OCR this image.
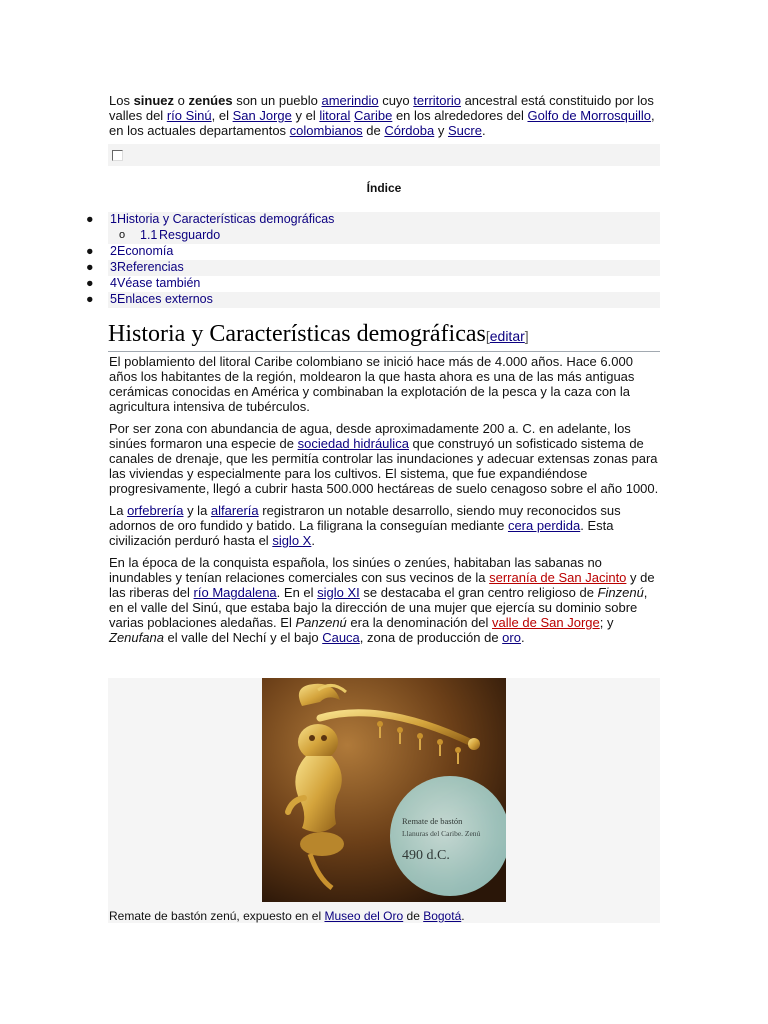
Los sinuez o zenúes son un pueblo amerindio cuyo territorio ancestral está constituido por los valles del río Sinú, el San Jorge y el litoral Caribe en los alrededores del Golfo de Morrosquillo, en los actuales departamentos colombianos de Córdoba y Sucre.

Índice
● 1 Historia y Características demográficas
o 1.1 Resguardo
● 2 Economía
● 3 Referencias
● 4 Véase también
● 5 Enlaces externos
Historia y Características demográficas[editar]

El poblamiento del litoral Caribe colombiano se inició hace más de 4.000 años. Hace 6.000 años los habitantes de la región, moldearon la que hasta ahora es una de las más antiguas cerámicas conocidas en América y combinaban la explotación de la pesca y la caza con la agricultura intensiva de tubérculos.

Por ser zona con abundancia de agua, desde aproximadamente 200 a. C. en adelante, los sinúes formaron una especie de sociedad hidráulica que construyó un sofisticado sistema de canales de drenaje, que les permitía controlar las inundaciones y adecuar extensas zonas para las viviendas y especialmente para los cultivos. El sistema, que fue expandiéndose progresivamente, llegó a cubrir hasta 500.000 hectáreas de suelo cenagoso sobre el año 1000.

La orfebrería y la alfarería registraron un notable desarrollo, siendo muy reconocidos sus adornos de oro fundido y batido. La filigrana la conseguían mediante cera perdida. Esta civilización perduró hasta el siglo X.

En la época de la conquista española, los sinúes o zenúes, habitaban las sabanas no inundables y tenían relaciones comerciales con sus vecinos de la serranía de San Jacinto y de las riberas del río Magdalena. En el siglo XI se destacaba el gran centro religioso de Finzenú, en el valle del Sinú, que estaba bajo la dirección de una mujer que ejercía su dominio sobre varias poblaciones aledañas. El Panzenú era la denominación del valle de San Jorge; y Zenufana el valle del Nechí y el bajo Cauca, zona de producción de oro.

Remate de bastón
Llanuras del Caribe. Zenú
490 d.C.
Remate de bastón zenú, expuesto en el Museo del Oro de Bogotá.
